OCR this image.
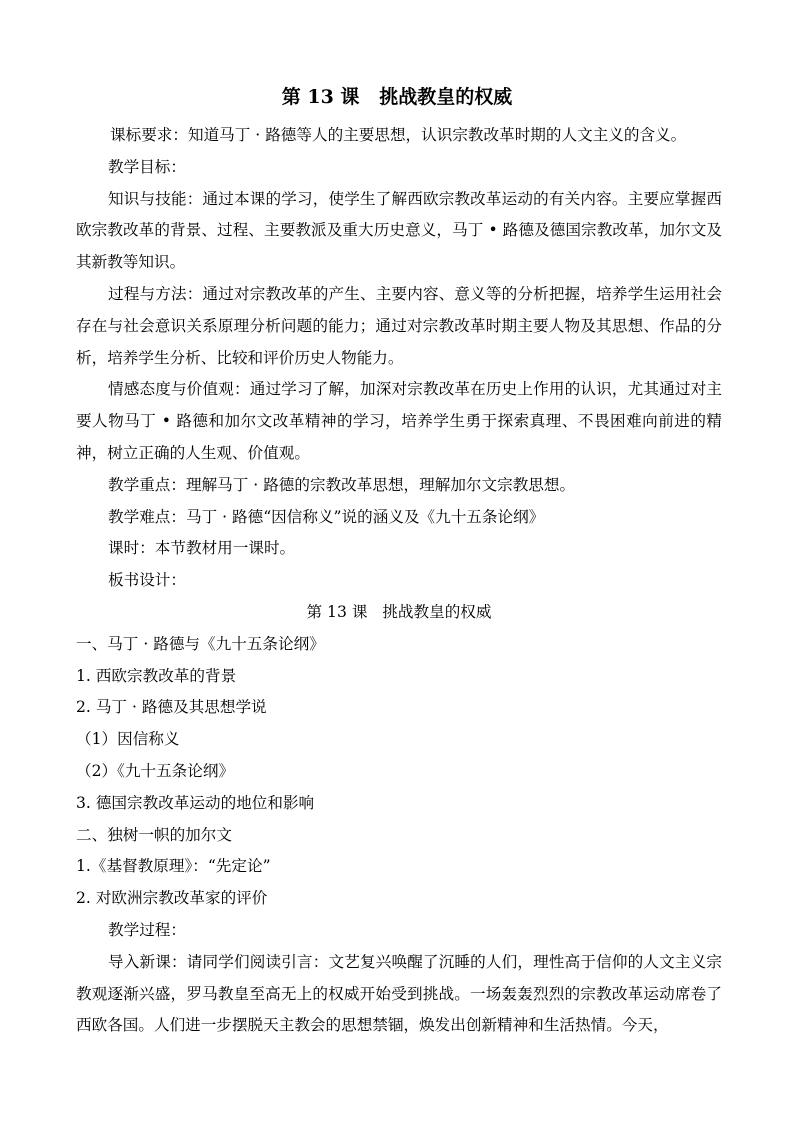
第 13 课   挑战教皇的权威

课标要求：知道马丁 · 路德等人的主要思想，认识宗教改革时期的人文主义的含义。

教学目标：

知识与技能：通过本课的学习，使学生了解西欧宗教改革运动的有关内容。主要应掌握西欧宗教改革的背景、过程、主要教派及重大历史意义，马丁 • 路德及德国宗教改革，加尔文及其新教等知识。

过程与方法：通过对宗教改革的产生、主要内容、意义等的分析把握，培养学生运用社会存在与社会意识关系原理分析问题的能力；通过对宗教改革时期主要人物及其思想、作品的分析，培养学生分析、比较和评价历史人物能力。

情感态度与价值观：通过学习了解，加深对宗教改革在历史上作用的认识，尤其通过对主要人物马丁 • 路德和加尔文改革精神的学习，培养学生勇于探索真理、不畏困难向前进的精神，树立正确的人生观、价值观。

教学重点：理解马丁 · 路德的宗教改革思想，理解加尔文宗教思想。

教学难点：马丁 · 路德“因信称义”说的涵义及《九十五条论纲》

课时：本节教材用一课时。

板书设计：

第 13 课   挑战教皇的权威

一、马丁 · 路德与《九十五条论纲》

1. 西欧宗教改革的背景

2. 马丁 · 路德及其思想学说

（1）因信称义

（2）《九十五条论纲》

3. 德国宗教改革运动的地位和影响

二、独树一帜的加尔文

1.《基督教原理》：“先定论”

2. 对欧洲宗教改革家的评价

教学过程：

导入新课：请同学们阅读引言：文艺复兴唤醒了沉睡的人们，理性高于信仰的人文主义宗教观逐渐兴盛，罗马教皇至高无上的权威开始受到挑战。一场轰轰烈烈的宗教改革运动席卷了西欧各国。人们进一步摆脱天主教会的思想禁锢，焕发出创新精神和生活热情。今天，
